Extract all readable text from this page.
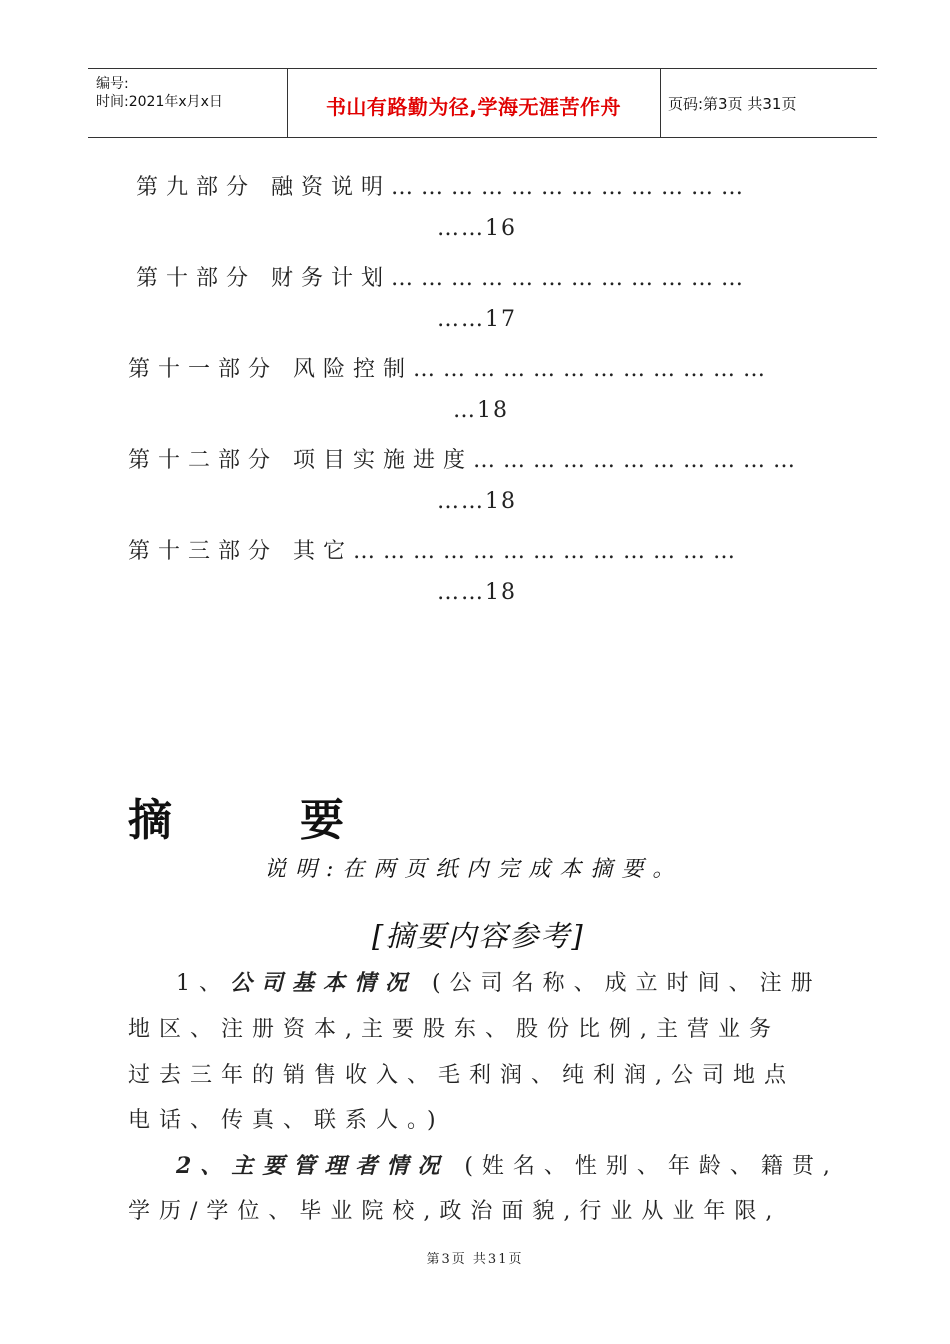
编号:
时间:2021年x月x日	书山有路勤为径,学海无涯苦作舟	页码:第3页 共31页
第九部分 融资说明………………………………
……16
第十部分 财务计划………………………………
……17
第十一部分 风险控制………………………………
…18
第十二部分 项目实施进度……………………………
……18
第十三部分 其它…………………………………
……18
摘	要
说明:在两页纸内完成本摘要。
[摘要内容参考]
1、公司基本情况 (公司名称、成立时间、注册
地区、注册资本,主要股东、股份比例,主营业务
过去三年的销售收入、毛利润、纯利润,公司地点
电话、传真、联系人。)
2、主要管理者情况 (姓名、性别、年龄、籍贯,
学历/学位、毕业院校,政治面貌,行业从业年限,
第3页 共31页
